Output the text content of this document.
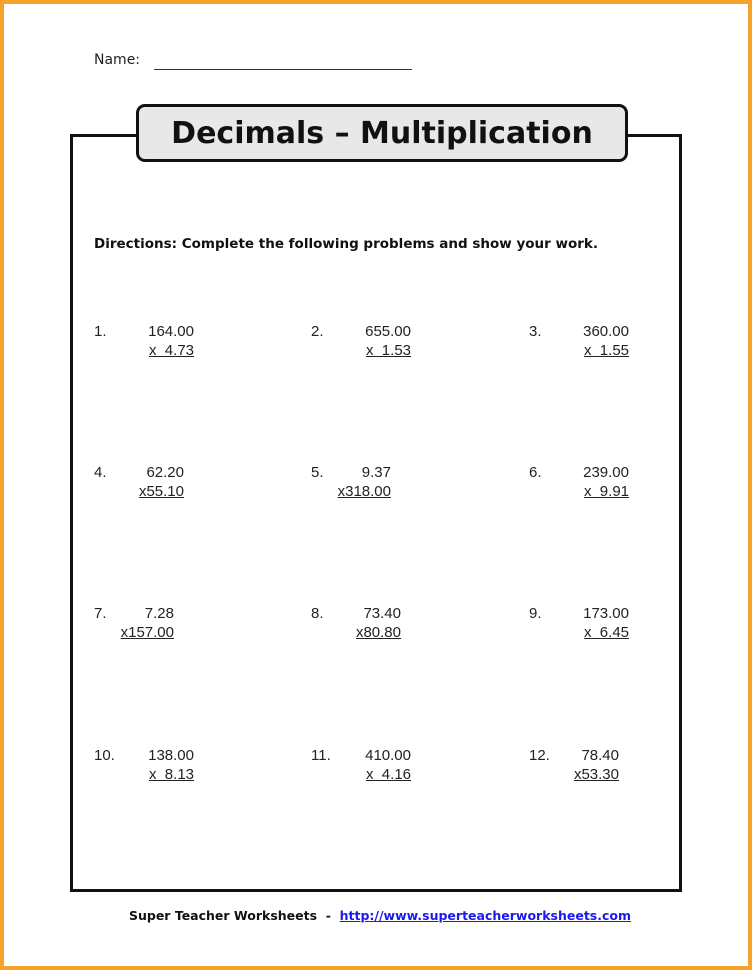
Name:
Decimals – Multiplication
Directions: Complete the following problems and show your work.
1.	164.00
x  4.73
2.	655.00
x  1.53
3.	360.00
x  1.55
4.	62.20
x55.10
5.	9.37
x318.00
6.	239.00
x  9.91
7.	7.28
x157.00
8.	73.40
x80.80
9.	173.00
x  6.45
10. 138.00
x  8.13
11. 410.00
x  4.16
12. 78.40
x53.30
Super Teacher Worksheets  -  http://www.superteacherworksheets.com
